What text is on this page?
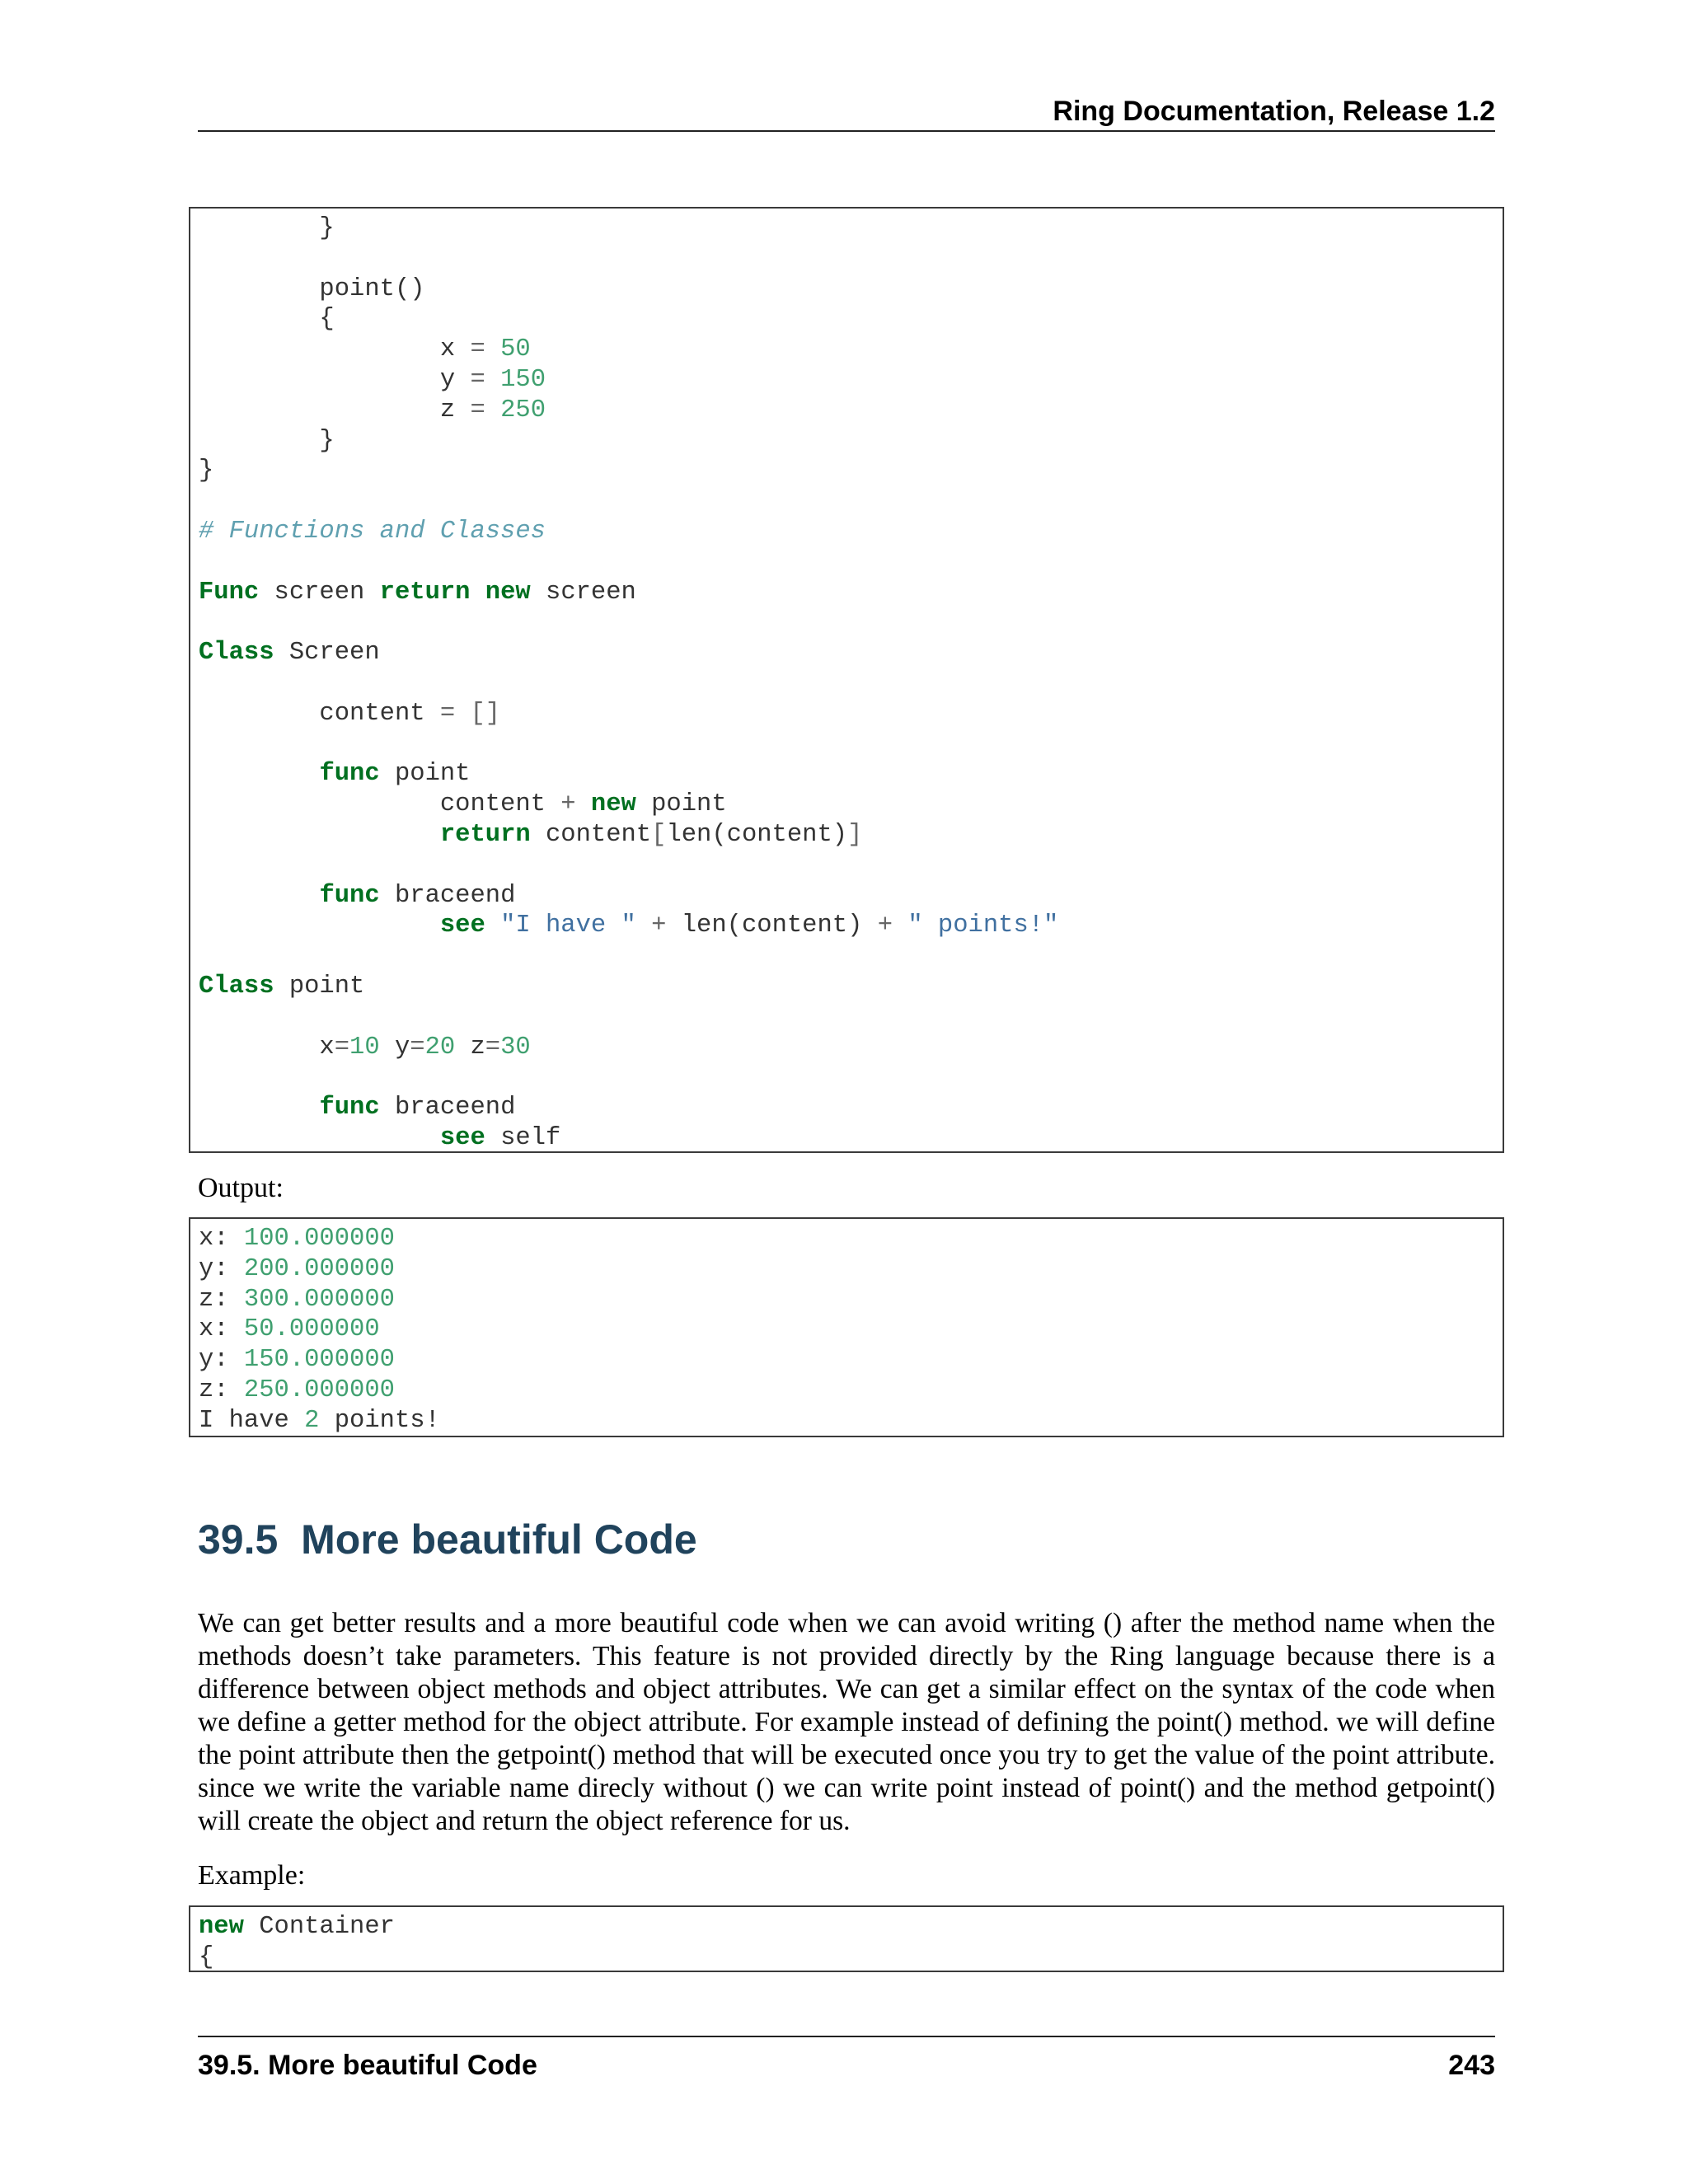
Ring Documentation, Release 1.2
}

point()
{
x = 50
y = 150
z = 250
}
}

# Functions and Classes

Func screen return new screen

Class Screen

content = []

func point
content + new point
return content[len(content)]

func braceend
see "I have " + len(content) + " points!"

Class point

x=10 y=20 z=30

func braceend
see self
Output:
x: 100.000000
y: 200.000000
z: 300.000000
x: 50.000000
y: 150.000000
z: 250.000000
I have 2 points!
39.5 More beautiful Code

We can get better results and a more beautiful code when we can avoid writing () after the method name when the methods doesn’t take parameters. This feature is not provided directly by the Ring language because there is a difference between object methods and object attributes. We can get a similar effect on the syntax of the code when we define a getter method for the object attribute. For example instead of defining the point() method. we will define the point attribute then the getpoint() method that will be executed once you try to get the value of the point attribute. since we write the variable name direcly without () we can write point instead of point() and the method getpoint() will create the object and return the object reference for us.

Example:
new Container
{
39.5. More beautiful Code	243
